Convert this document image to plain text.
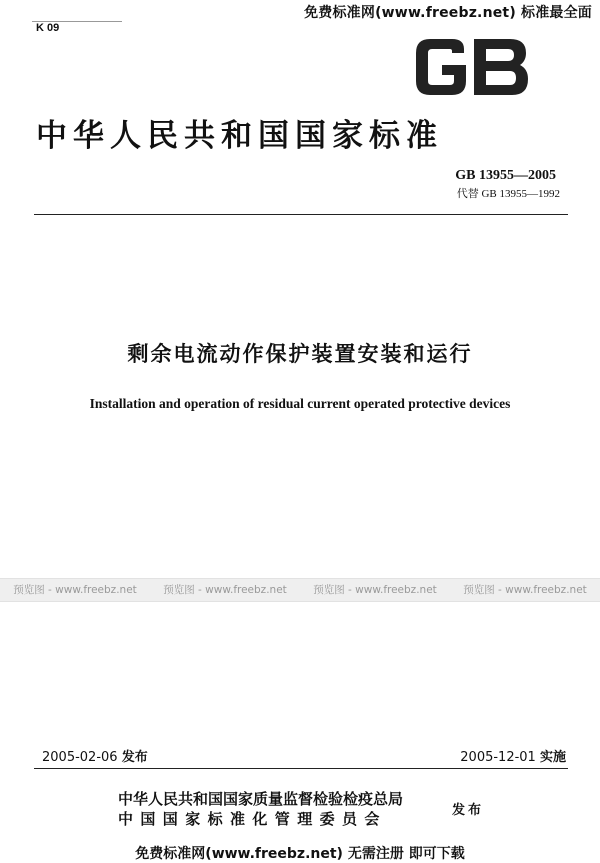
免费标准网(www.freebz.net) 标准最全面
K 09
中华人民共和国国家标准
GB 13955—2005
代替 GB 13955—1992
剩余电流动作保护装置安装和运行
Installation and operation of residual current operated protective devices
预览图 - www.freebz.net	预览图 - www.freebz.net	预览图 - www.freebz.net	预览图 - www.freebz.net
2005-02-06 发布	2005-12-01 实施
中华人民共和国国家质量监督检验检疫总局
中国国家标准化管理委员会	发布
免费标准网(www.freebz.net) 无需注册 即可下载
